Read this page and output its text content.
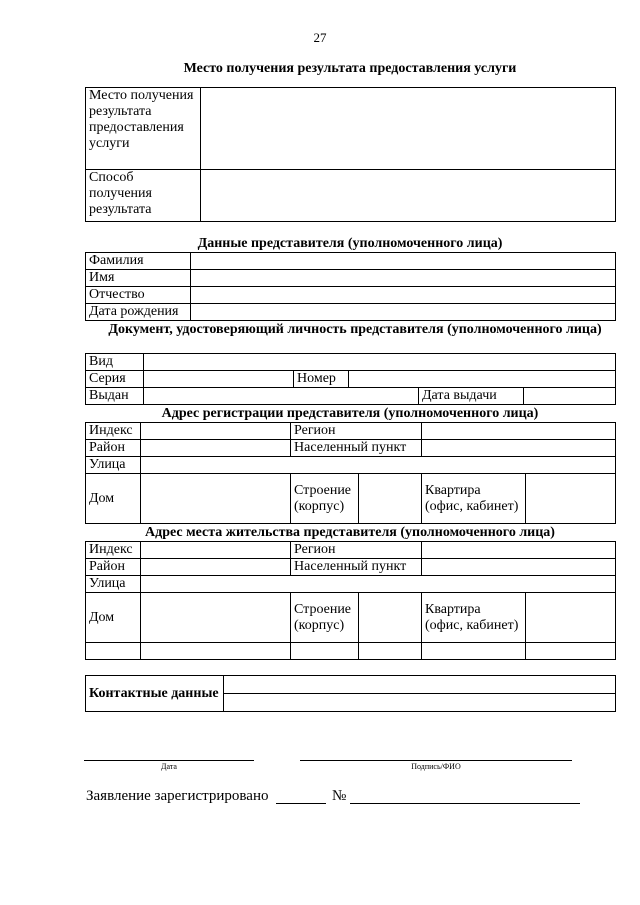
27
Место получения результата предоставления услуги
Место получения результата предоставления услуги	
Способ получения результата	
Данные представителя (уполномоченного лица)
Фамилия	
Имя	
Отчество	
Дата рождения	
Документ, удостоверяющий личность представителя (уполномоченного лица)
Вид					
Серия		Номер			
Выдан				Дата выдачи	
Адрес регистрации представителя (уполномоченного лица)
Индекс		Регион			
Район		Населенный пункт			
Улица					
Дом		Строение (корпус)		Квартира (офис, кабинет)	
Адрес места жительства представителя (уполномоченного лица)
Индекс		Регион			
Район		Населенный пункт			
Улица					
Дом		Строение (корпус)		Квартира (офис, кабинет)	

Контактные данные	
Дата	Подпись/ФИО
Заявление зарегистрировано	№
